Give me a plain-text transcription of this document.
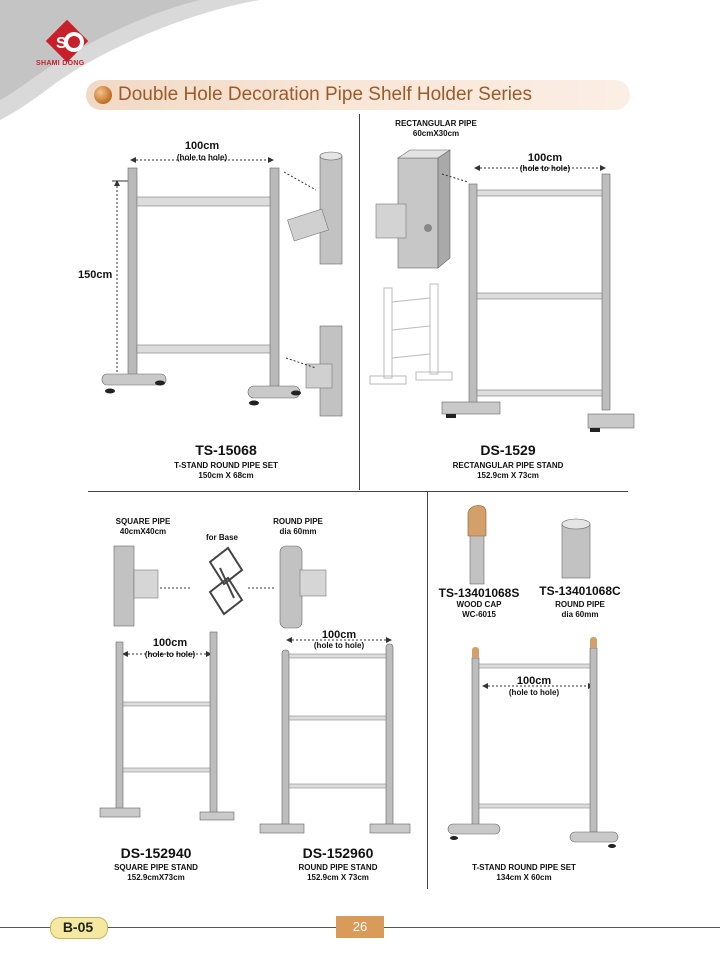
S
SHAMI DONG
Double Hole Decoration Pipe Shelf Holder Series
100cm
(hole to hole)
150cm
TS-15068
T-STAND ROUND PIPE SET
150cm X 68cm
RECTANGULAR PIPE
60cmX30cm
100cm
(hole to hole)
DS-1529
RECTANGULAR PIPE STAND
152.9cm X 73cm
SQUARE PIPE
40cmX40cm
for Base
ROUND PIPE
dia 60mm
100cm
(hole to hole)
100cm
(hole to hole)
DS-152940
SQUARE PIPE STAND
152.9cmX73cm
DS-152960
ROUND PIPE STAND
152.9cm X 73cm
TS-13401068S
WOOD CAP
WC-6015
TS-13401068C
ROUND PIPE
dia 60mm
100cm
(hole to hole)
T-STAND ROUND PIPE SET
134cm X 60cm
B-05	26
